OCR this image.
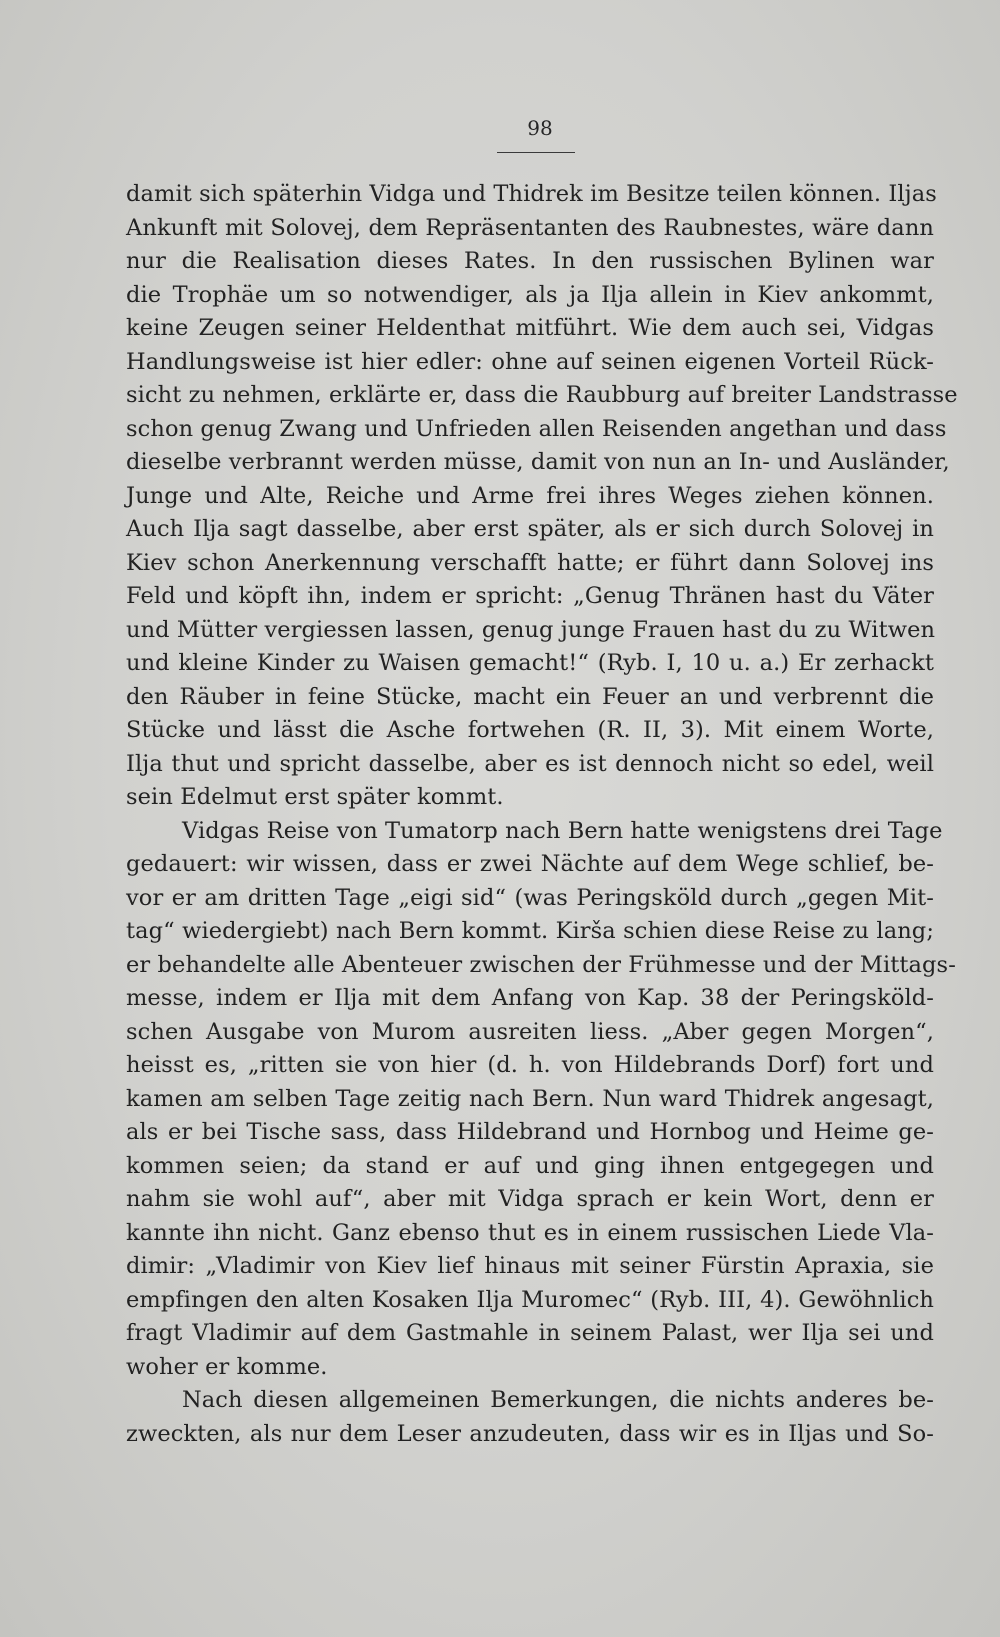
98
damit sich späterhin Vidga und Thidrek im Besitze teilen können. Iljas
Ankunft mit Solovej, dem Repräsentanten des Raubnestes, wäre dann
nur die Realisation dieses Rates. In den russischen Bylinen war
die Trophäe um so notwendiger, als ja Ilja allein in Kiev ankommt,
keine Zeugen seiner Heldenthat mitführt. Wie dem auch sei, Vidgas
Handlungsweise ist hier edler: ohne auf seinen eigenen Vorteil Rück-
sicht zu nehmen, erklärte er, dass die Raubburg auf breiter Landstrasse
schon genug Zwang und Unfrieden allen Reisenden angethan und dass
dieselbe verbrannt werden müsse, damit von nun an In- und Ausländer,
Junge und Alte, Reiche und Arme frei ihres Weges ziehen können.
Auch Ilja sagt dasselbe, aber erst später, als er sich durch Solovej in
Kiev schon Anerkennung verschafft hatte; er führt dann Solovej ins
Feld und köpft ihn, indem er spricht: „Genug Thränen hast du Väter
und Mütter vergiessen lassen, genug junge Frauen hast du zu Witwen
und kleine Kinder zu Waisen gemacht!“ (Ryb. I, 10 u. a.) Er zerhackt
den Räuber in feine Stücke, macht ein Feuer an und verbrennt die
Stücke und lässt die Asche fortwehen (R. II, 3). Mit einem Worte,
Ilja thut und spricht dasselbe, aber es ist dennoch nicht so edel, weil
sein Edelmut erst später kommt.
Vidgas Reise von Tumatorp nach Bern hatte wenigstens drei Tage
gedauert: wir wissen, dass er zwei Nächte auf dem Wege schlief, be-
vor er am dritten Tage „eigi sid“ (was Peringsköld durch „gegen Mit-
tag“ wiedergiebt) nach Bern kommt. Kirša schien diese Reise zu lang;
er behandelte alle Abenteuer zwischen der Frühmesse und der Mittags-
messe, indem er Ilja mit dem Anfang von Kap. 38 der Peringsköld-
schen Ausgabe von Murom ausreiten liess. „Aber gegen Morgen“,
heisst es, „ritten sie von hier (d. h. von Hildebrands Dorf) fort und
kamen am selben Tage zeitig nach Bern. Nun ward Thidrek angesagt,
als er bei Tische sass, dass Hildebrand und Hornbog und Heime ge-
kommen seien; da stand er auf und ging ihnen entgegegen und
nahm sie wohl auf“, aber mit Vidga sprach er kein Wort, denn er
kannte ihn nicht. Ganz ebenso thut es in einem russischen Liede Vla-
dimir: „Vladimir von Kiev lief hinaus mit seiner Fürstin Apraxia, sie
empfingen den alten Kosaken Ilja Muromec“ (Ryb. III, 4). Gewöhnlich
fragt Vladimir auf dem Gastmahle in seinem Palast, wer Ilja sei und
woher er komme.
Nach diesen allgemeinen Bemerkungen, die nichts anderes be-
zweckten, als nur dem Leser anzudeuten, dass wir es in Iljas und So-
